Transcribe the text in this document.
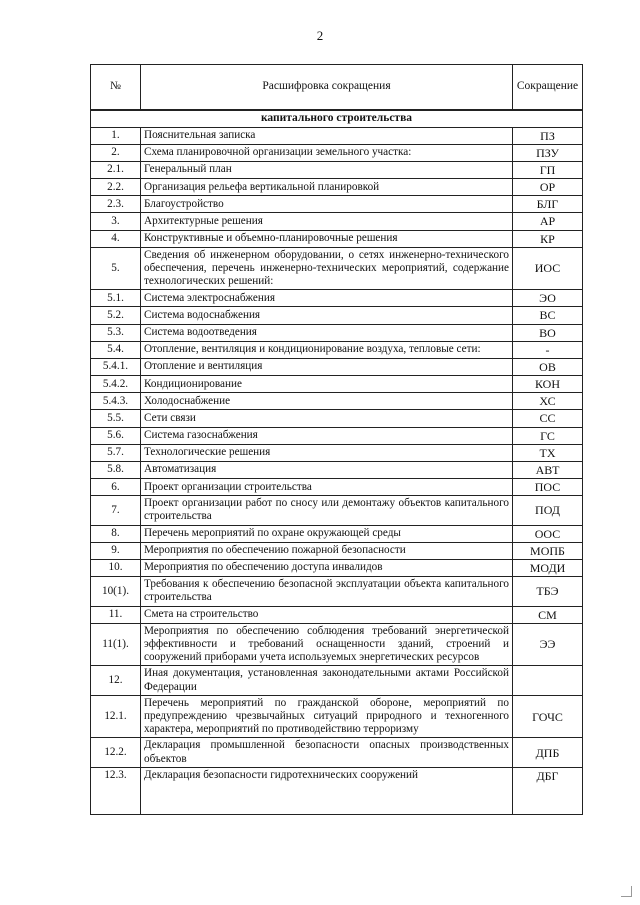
2
№	Расшифровка сокращения	Сокращение
капитального строительства		
1.	Пояснительная записка	ПЗ
2.	Схема планировочной организации земельного участка:	ПЗУ
2.1.	Генеральный план	ГП
2.2.	Организация рельефа вертикальной планировкой	ОР
2.3.	Благоустройство	БЛГ
3.	Архитектурные решения	АР
4.	Конструктивные и объемно-планировочные решения	КР
5.	Сведения об инженерном оборудовании, о сетях инженерно-технического обеспечения, перечень инженерно-технических мероприятий, содержание технологических решений:	ИОС
5.1.	Система электроснабжения	ЭО
5.2.	Система водоснабжения	ВС
5.3.	Система водоотведения	ВО
5.4.	Отопление, вентиляция и кондиционирование воздуха, тепловые сети:	-
5.4.1.	Отопление и вентиляция	ОВ
5.4.2.	Кондиционирование	КОН
5.4.3.	Холодоснабжение	ХС
5.5.	Сети связи	СС
5.6.	Система газоснабжения	ГС
5.7.	Технологические решения	ТХ
5.8.	Автоматизация	АВТ
6.	Проект организации строительства	ПОС
7.	Проект организации работ по сносу или демонтажу объектов капитального строительства	ПОД
8.	Перечень мероприятий по охране окружающей среды	ООС
9.	Мероприятия по обеспечению пожарной безопасности	МОПБ
10.	Мероприятия по обеспечению доступа инвалидов	МОДИ
10(1).	Требования к обеспечению безопасной эксплуатации объекта капитального строительства	ТБЭ
11.	Смета на строительство	СМ
11(1).	Мероприятия по обеспечению соблюдения требований энергетической эффективности и требований оснащенности зданий, строений и сооружений приборами учета используемых энергетических ресурсов	ЭЭ
12.	Иная документация, установленная законодательными актами Российской Федерации	
12.1.	Перечень мероприятий по гражданской обороне, мероприятий по предупреждению чрезвычайных ситуаций природного и техногенного характера, мероприятий по противодействию терроризму	ГОЧС
12.2.	Декларация промышленной безопасности опасных производственных объектов	ДПБ
12.3.	Декларация безопасности гидротехнических сооружений	ДБГ
